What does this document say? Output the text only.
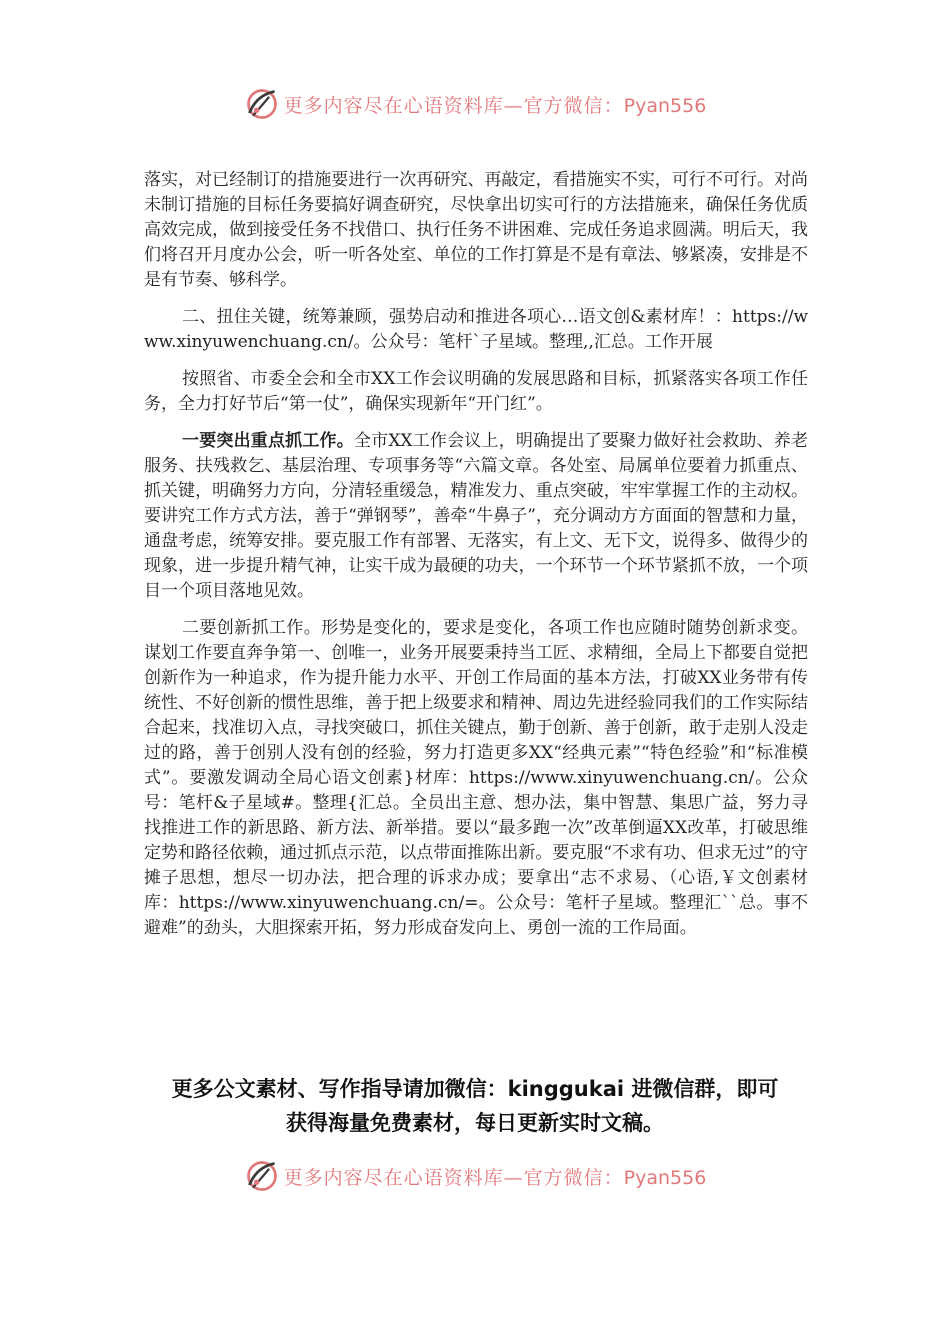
更多内容尽在心语资料库—官方微信：Pyan556

落实，对已经制订的措施要进行一次再研究、再敲定，看措施实不实，可行不可行。对尚未制订措施的目标任务要搞好调查研究，尽快拿出切实可行的方法措施来，确保任务优质高效完成，做到接受任务不找借口、执行任务不讲困难、完成任务追求圆满。明后天，我们将召开月度办公会，听一听各处室、单位的工作打算是不是有章法、够紧凑，安排是不是有节奏、够科学。

二、扭住关键，统筹兼顾，强势启动和推进各项心…语文创&素材库！：https://www.xinyuwenchuang.cn/。公众号：笔杆`子星域。整理,,汇总。工作开展

按照省、市委全会和全市XX工作会议明确的发展思路和目标，抓紧落实各项工作任务，全力打好节后“第一仗”，确保实现新年“开门红”。

一要突出重点抓工作。全市XX工作会议上，明确提出了要聚力做好社会救助、养老服务、扶残救乞、基层治理、专项事务等“六篇文章。各处室、局属单位要着力抓重点、抓关键，明确努力方向，分清轻重缓急，精准发力、重点突破，牢牢掌握工作的主动权。要讲究工作方式方法，善于“弹钢琴”，善牵“牛鼻子”，充分调动方方面面的智慧和力量，通盘考虑，统筹安排。要克服工作有部署、无落实，有上文、无下文，说得多、做得少的现象，进一步提升精气神，让实干成为最硬的功夫，一个环节一个环节紧抓不放，一个项目一个项目落地见效。

二要创新抓工作。形势是变化的，要求是变化，各项工作也应随时随势创新求变。谋划工作要直奔争第一、创唯一，业务开展要秉持当工匠、求精细，全局上下都要自觉把创新作为一种追求，作为提升能力水平、开创工作局面的基本方法，打破XX业务带有传统性、不好创新的惯性思维，善于把上级要求和精神、周边先进经验同我们的工作实际结合起来，找准切入点，寻找突破口，抓住关键点，勤于创新、善于创新，敢于走别人没走过的路，善于创别人没有创的经验，努力打造更多XX“经典元素”“特色经验”和“标准模式”。要激发调动全局心语文创素}材库：https://www.xinyuwenchuang.cn/。公众号：笔杆&子星域#。整理{汇总。全员出主意、想办法，集中智慧、集思广益，努力寻找推进工作的新思路、新方法、新举措。要以“最多跑一次”改革倒逼XX改革，打破思维定势和路径依赖，通过抓点示范，以点带面推陈出新。要克服“不求有功、但求无过”的守摊子思想，想尽一切办法，把合理的诉求办成；要拿出“志不求易、（心语,￥文创素材库：https://www.xinyuwenchuang.cn/=。公众号：笔杆子星域。整理汇``总。事不避难”的劲头，大胆探索开拓，努力形成奋发向上、勇创一流的工作局面。

更多公文素材、写作指导请加微信：kinggukai 进微信群，即可
获得海量免费素材，每日更新实时文稿。
更多内容尽在心语资料库—官方微信：Pyan556
